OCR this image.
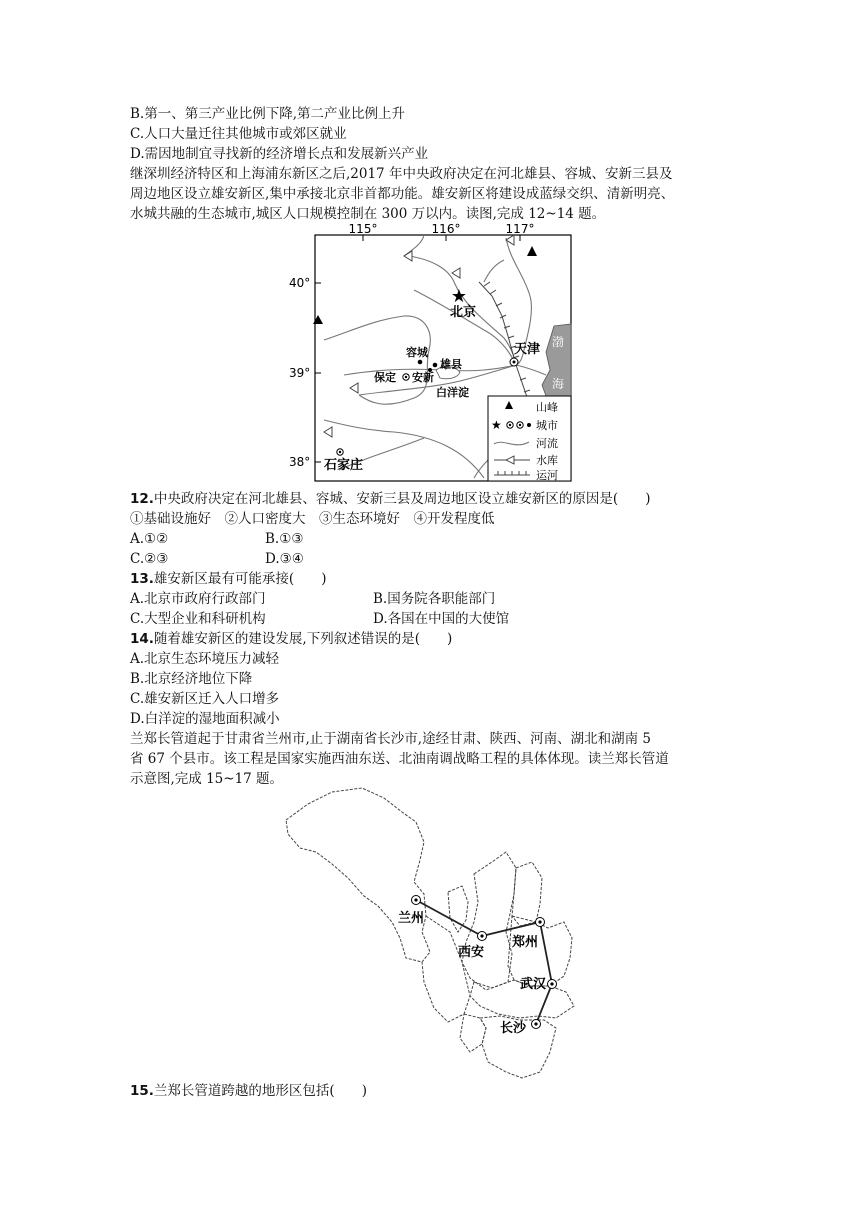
B.第一、第三产业比例下降,第二产业比例上升
C.人口大量迁往其他城市或郊区就业
D.需因地制宜寻找新的经济增长点和发展新兴产业
继深圳经济特区和上海浦东新区之后,2017 年中央政府决定在河北雄县、容城、安新三县及
周边地区设立雄安新区,集中承接北京非首都功能。雄安新区将建设成蓝绿交织、清新明亮、
水城共融的生态城市,城区人口规模控制在 300 万以内。读图,完成 12~14 题。
115°	116°	117°
40°
39°
38°
渤
海
★
北京
天津
容城
雄县
保定 安新
白洋淀
石家庄
山峰
★	城市
河流
水库
运河
12.中央政府决定在河北雄县、容城、安新三县及周边地区设立雄安新区的原因是(　　)
①基础设施好　②人口密度大　③生态环境好　④开发程度低
A.①②	B.①③
C.②③	D.③④
13.雄安新区最有可能承接(　　)
A.北京市政府行政部门	B.国务院各职能部门
C.大型企业和科研机构	D.各国在中国的大使馆
14.随着雄安新区的建设发展,下列叙述错误的是(　　)
A.北京生态环境压力减轻
B.北京经济地位下降
C.雄安新区迁入人口增多
D.白洋淀的湿地面积减小
兰郑长管道起于甘肃省兰州市,止于湖南省长沙市,途经甘肃、陕西、河南、湖北和湖南 5
省 67 个县市。该工程是国家实施西油东送、北油南调战略工程的具体体现。读兰郑长管道
示意图,完成 15~17 题。
兰州
西安
郑州
武汉
长沙
15.兰郑长管道跨越的地形区包括(　　)
